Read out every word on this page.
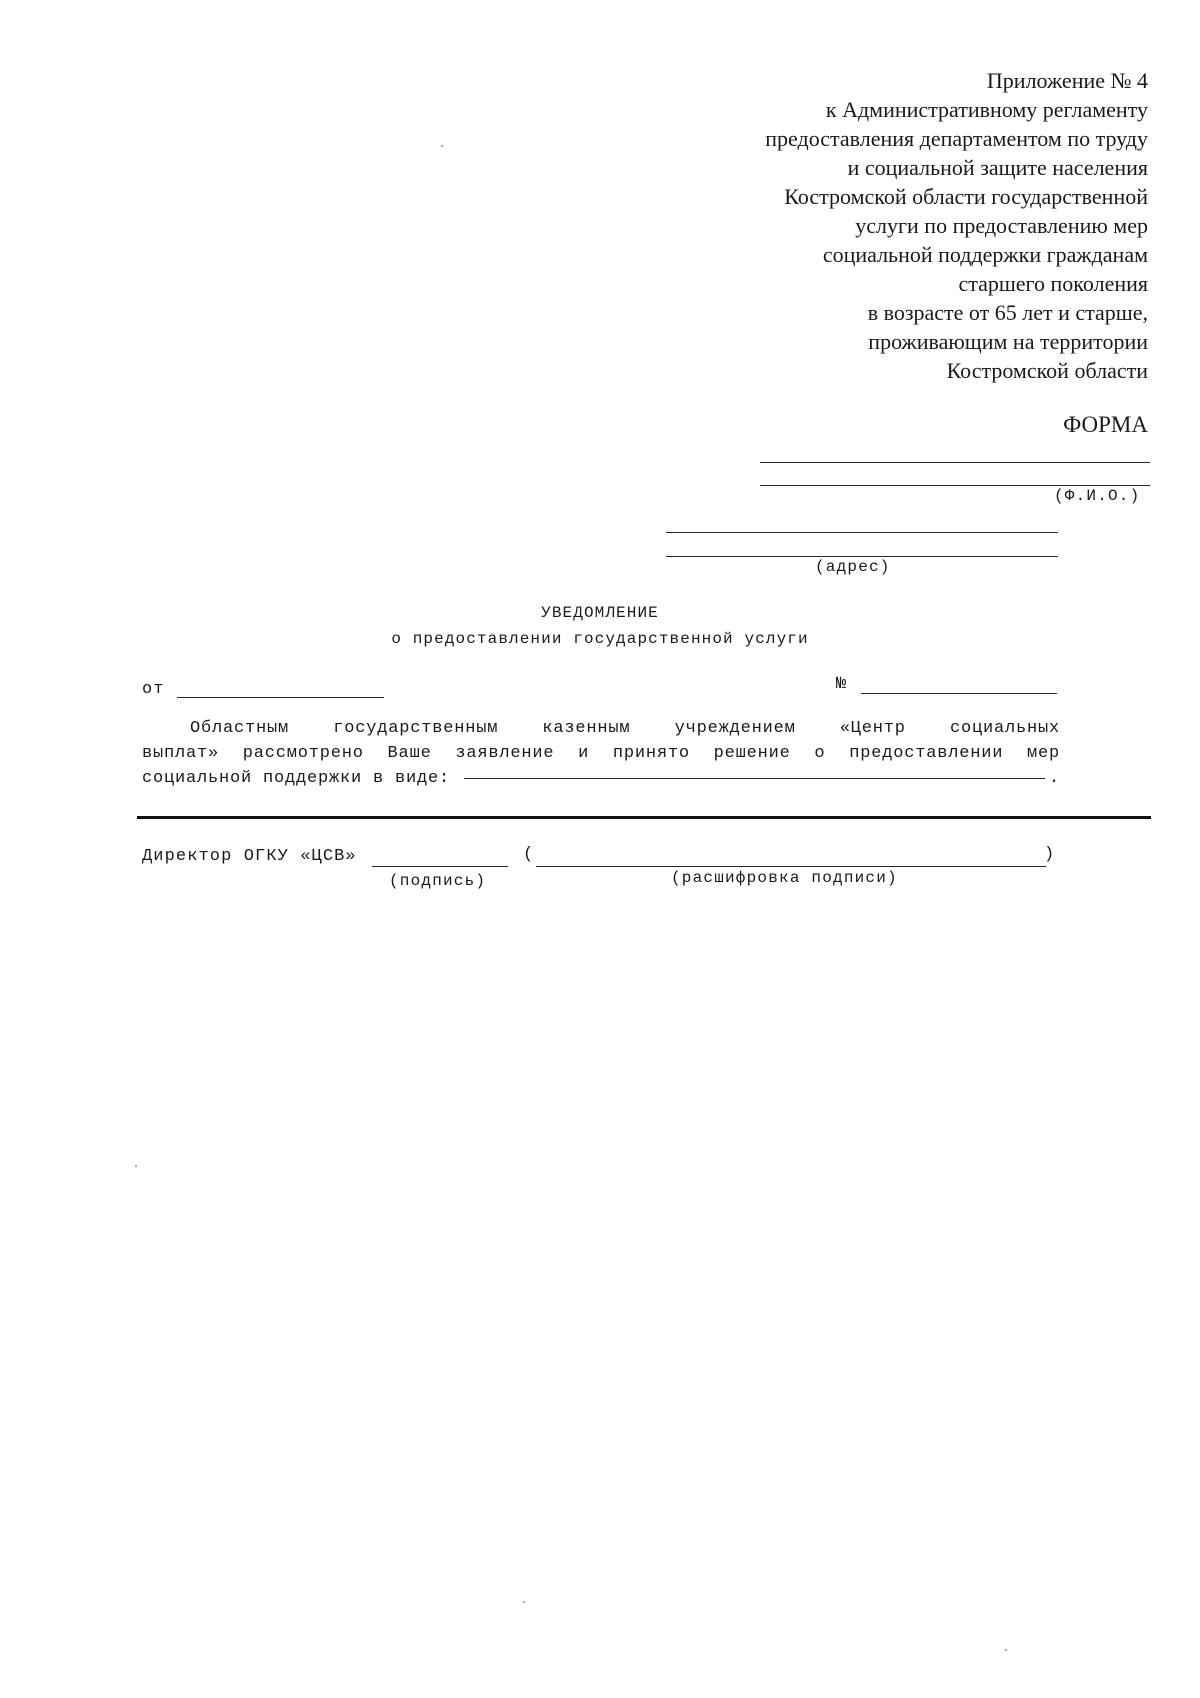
Приложение № 4
к Административному регламенту
предоставления департаментом по труду
и социальной защите населения
Костромской области государственной
услуги по предоставлению мер
социальной поддержки гражданам
старшего поколения
в возрасте от 65 лет и старше,
проживающим на территории
Костромской области
ФОРМА
(Ф.И.О.)
(адрес)
УВЕДОМЛЕНИЕ
о предоставлении государственной услуги
от	№
Областным государственным казенным учреждением «Центр социальных
выплат» рассмотрено Ваше заявление и принято решение о предоставлении мер
социальной поддержки в виде:	.
Директор ОГКУ «ЦСВ»	(	)
(подпись)	(расшифровка подписи)
